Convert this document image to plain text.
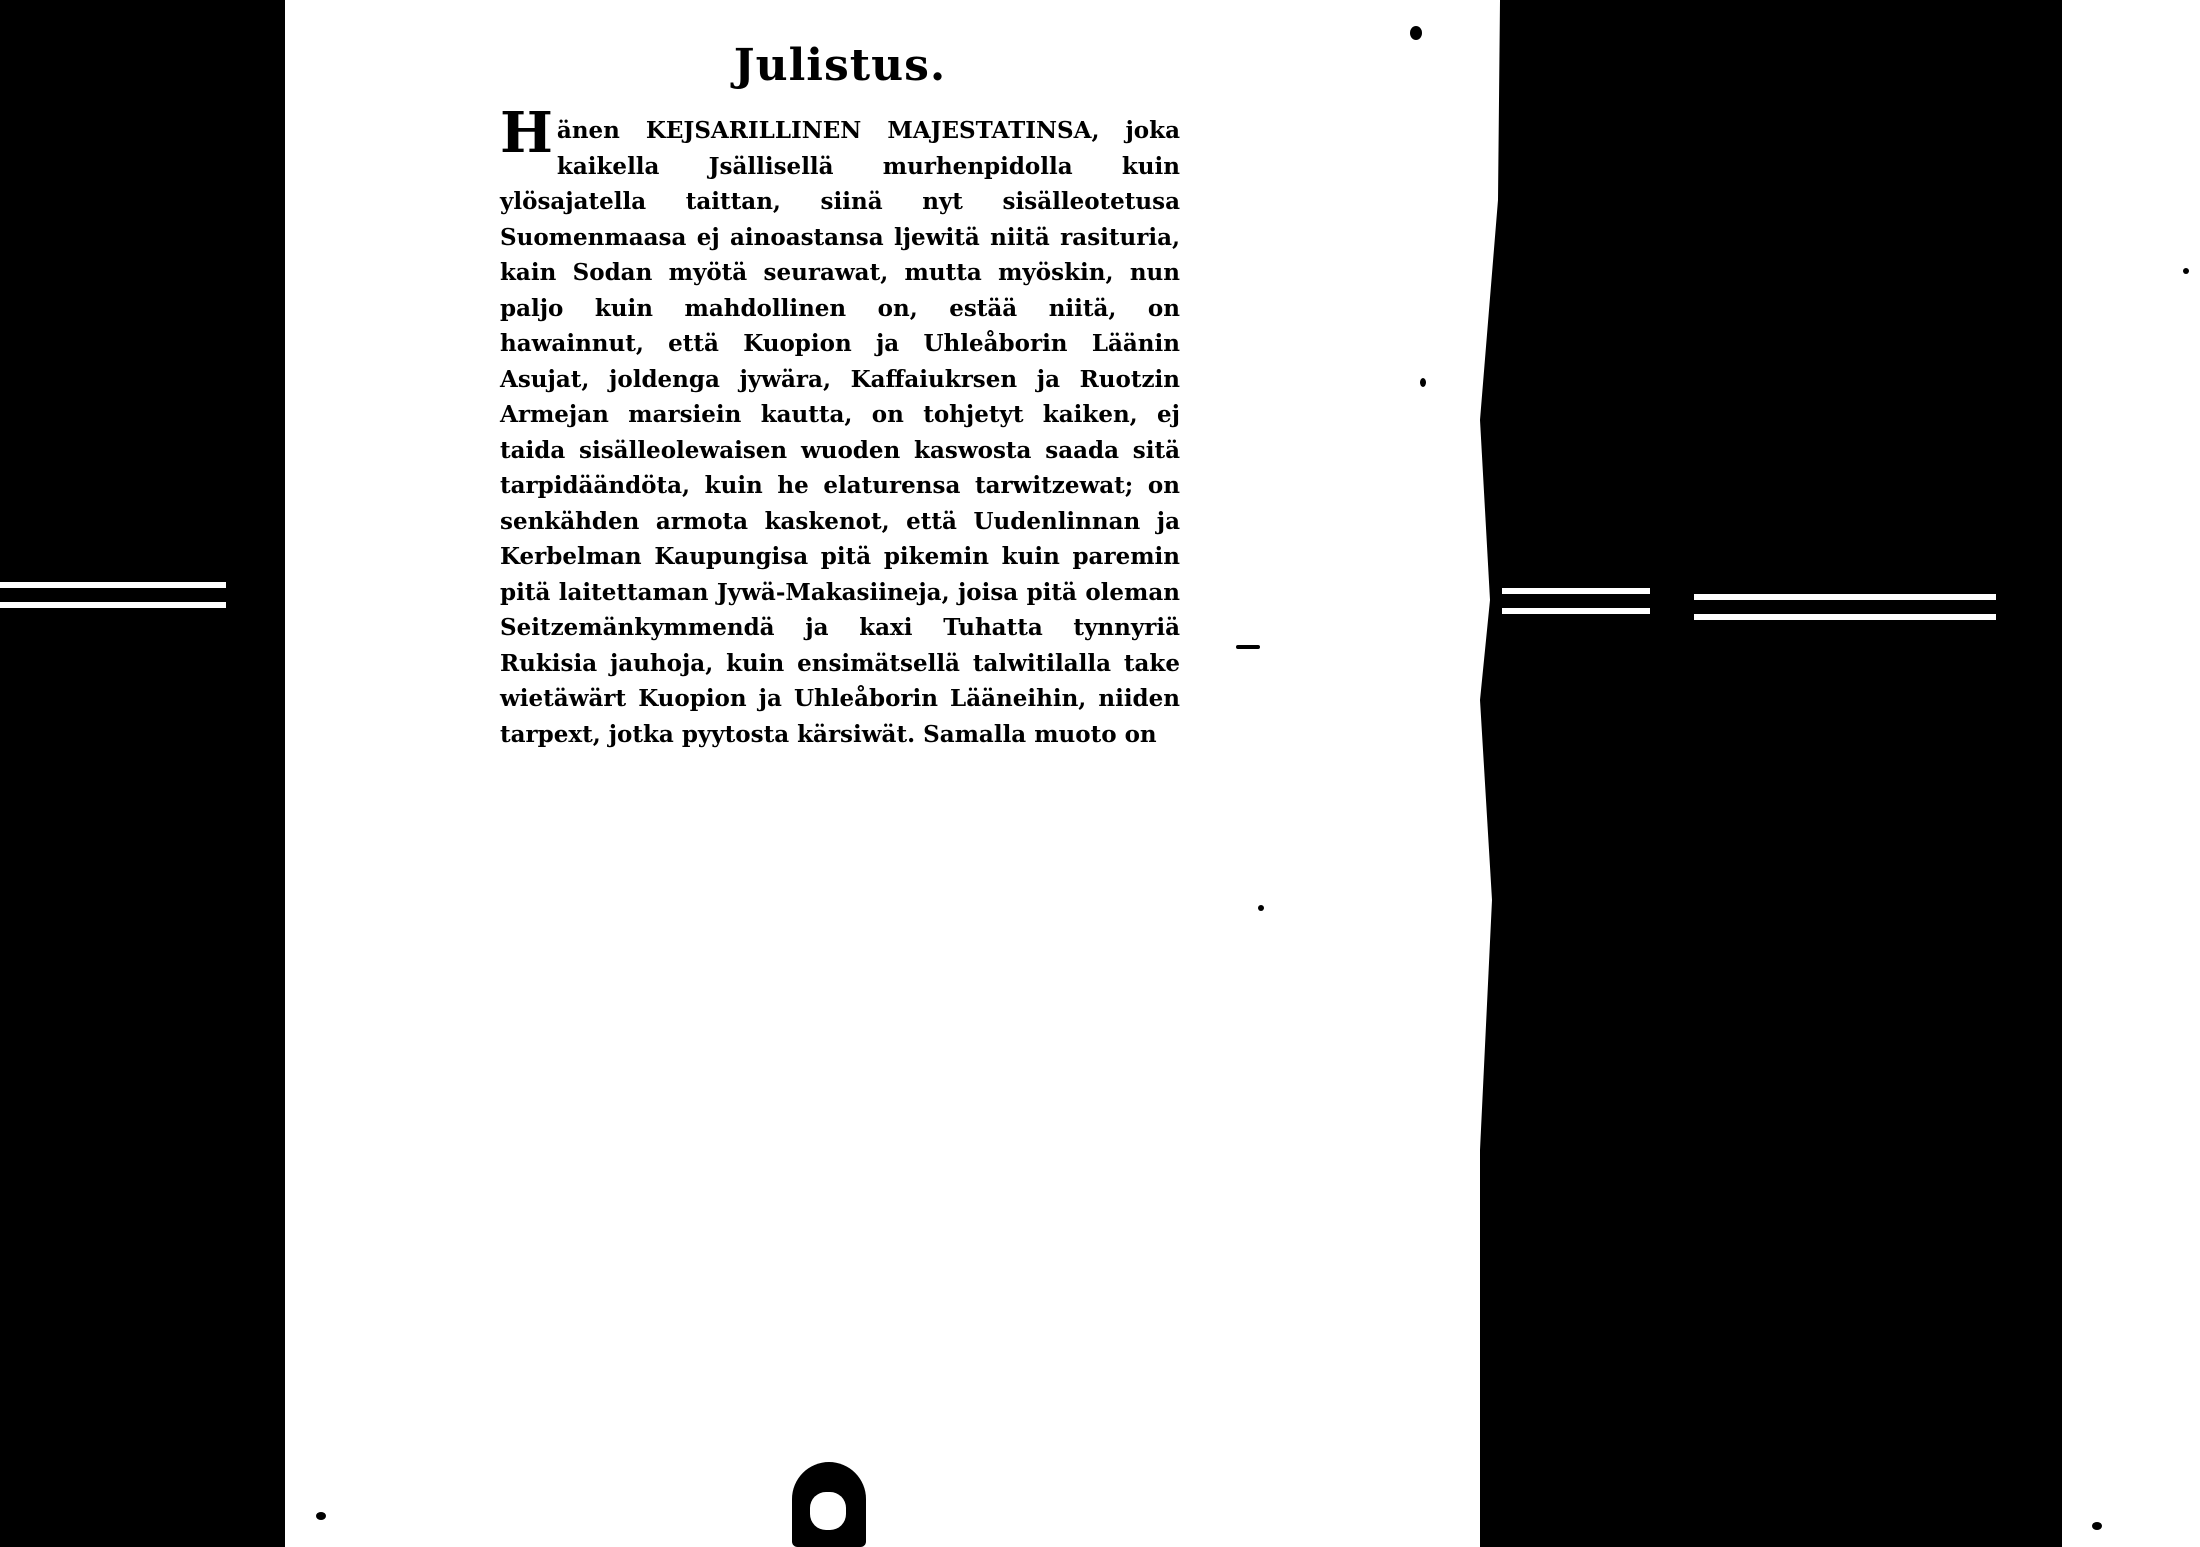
Julistus.

Hänen KEJSARILLINEN MAJESTATINSA, joka kaikella Jsällisellä murhenpidolla kuin ylösajatella taittan, siinä nyt sisälleotetusa Suomenmaasa ej ainoastansa ljewitä niitä rasituria, kain Sodan myötä seurawat, mutta myöskin, nun paljo kuin mahdollinen on, estää niitä, on hawainnut, että Kuopion ja Uhleåborin Läänin Asujat, joldenga jywära, Kaffaiukrsen ja Ruotzin Armejan marsiein kautta, on tohjetyt kaiken, ej taida sisälleolewaisen wuoden kaswosta saada sitä tarpidäändöta, kuin he elaturensa tarwitzewat; on senkähden armota kaskenot, että Uudenlinnan ja Kerbelman Kaupungisa pitä pikemin kuin paremin pitä laitettaman Jywä-Makasiineja, joisa pitä oleman Seitzemänkymmendä ja kaxi Tuhatta tynnyriä Rukisia jauhoja, kuin ensimätsellä talwitilalla take wietäwärt Kuopion ja Uhleåborin Lääneihin, niiden tarpext, jotka pyytosta kärsiwät. Samalla muoto on
